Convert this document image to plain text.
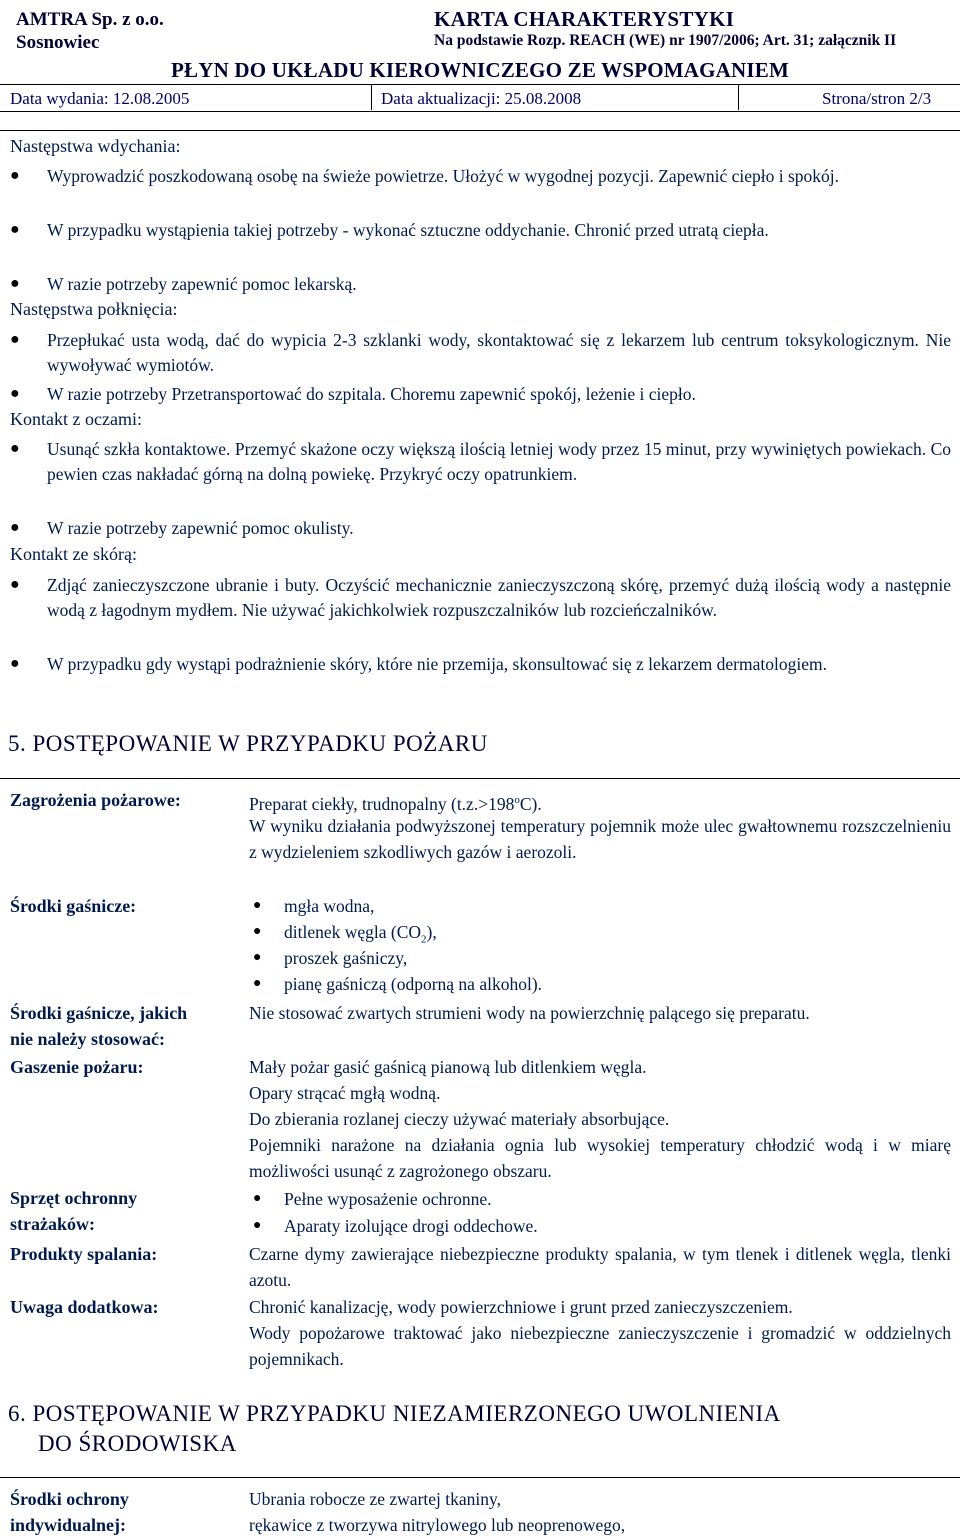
AMTRA Sp. z o.o.
Sosnowiec
KARTA CHARAKTERYSTYKI
Na podstawie Rozp. REACH (WE) nr 1907/2006; Art. 31; załącznik II
PŁYN DO UKŁADU KIEROWNICZEGO ZE WSPOMAGANIEM
Data wydania: 12.08.2005	Data aktualizacji: 25.08.2008	Strona/stron 2/3
Następstwa wdychania:
● Wyprowadzić poszkodowaną osobę na świeże powietrze. Ułożyć w wygodnej pozycji. Zapewnić ciepło i spokój.
● W przypadku wystąpienia takiej potrzeby - wykonać sztuczne oddychanie. Chronić przed utratą ciepła.
● W razie potrzeby zapewnić pomoc lekarską.
Następstwa połknięcia:
● Przepłukać usta wodą, dać do wypicia 2-3 szklanki wody, skontaktować się z lekarzem lub centrum toksykologicznym. Nie wywoływać wymiotów.
● W razie potrzeby Przetransportować do szpitala. Choremu zapewnić spokój, leżenie i ciepło.
Kontakt z oczami:
● Usunąć szkła kontaktowe. Przemyć skażone oczy większą ilością letniej wody przez 15 minut, przy wywiniętych powiekach. Co pewien czas nakładać górną na dolną powiekę. Przykryć oczy opatrunkiem.
● W razie potrzeby zapewnić pomoc okulisty.
Kontakt ze skórą:
● Zdjąć zanieczyszczone ubranie i buty. Oczyścić mechanicznie zanieczyszczoną skórę, przemyć dużą ilością wody a następnie wodą z łagodnym mydłem. Nie używać jakichkolwiek rozpuszczalników lub rozcieńczalników.
● W przypadku gdy wystąpi podrażnienie skóry, które nie przemija, skonsultować się z lekarzem dermatologiem.
5. POSTĘPOWANIE W PRZYPADKU POŻARU
Zagrożenia pożarowe:	Preparat ciekły, trudnopalny $(t.z.>198^oC)$.
W wyniku działania podwyższonej temperatury pojemnik może ulec gwałtownemu rozszczelnieniu z wydzieleniem szkodliwych gazów i aerozoli.
Środki gaśnicze:	● mgła wodna,
● ditlenek węgla $(CO_2)$,
● proszek gaśniczy,
● pianę gaśniczą (odporną na alkohol).
Środki gaśnicze, jakich
nie należy stosować:
Nie stosować zwartych strumieni wody na powierzchnię palącego się preparatu.
Gaszenie pożaru:	Mały pożar gasić gaśnicą pianową lub ditlenkiem węgla.
Opary strącać mgłą wodną.
Do zbierania rozlanej cieczy używać materiały absorbujące.
Pojemniki narażone na działania ognia lub wysokiej temperatury chłodzić wodą i w miarę możliwości usunąć z zagrożonego obszaru.
Sprzęt ochronny
strażaków:
● Pełne wyposażenie ochronne.
● Aparaty izolujące drogi oddechowe.
Produkty spalania:	Czarne dymy zawierające niebezpieczne produkty spalania, w tym tlenek i ditlenek węgla, tlenki azotu.
Uwaga dodatkowa:	Chronić kanalizację, wody powierzchniowe i grunt przed zanieczyszczeniem.
Wody popożarowe traktować jako niebezpieczne zanieczyszczenie i gromadzić w oddzielnych pojemnikach.
6. POSTĘPOWANIE W PRZYPADKU NIEZAMIERZONEGO UWOLNIENIA
DO ŚRODOWISKA
Środki ochrony
indywidualnej:
Ubrania robocze ze zwartej tkaniny,
rękawice z tworzywa nitrylowego lub neoprenowego,
